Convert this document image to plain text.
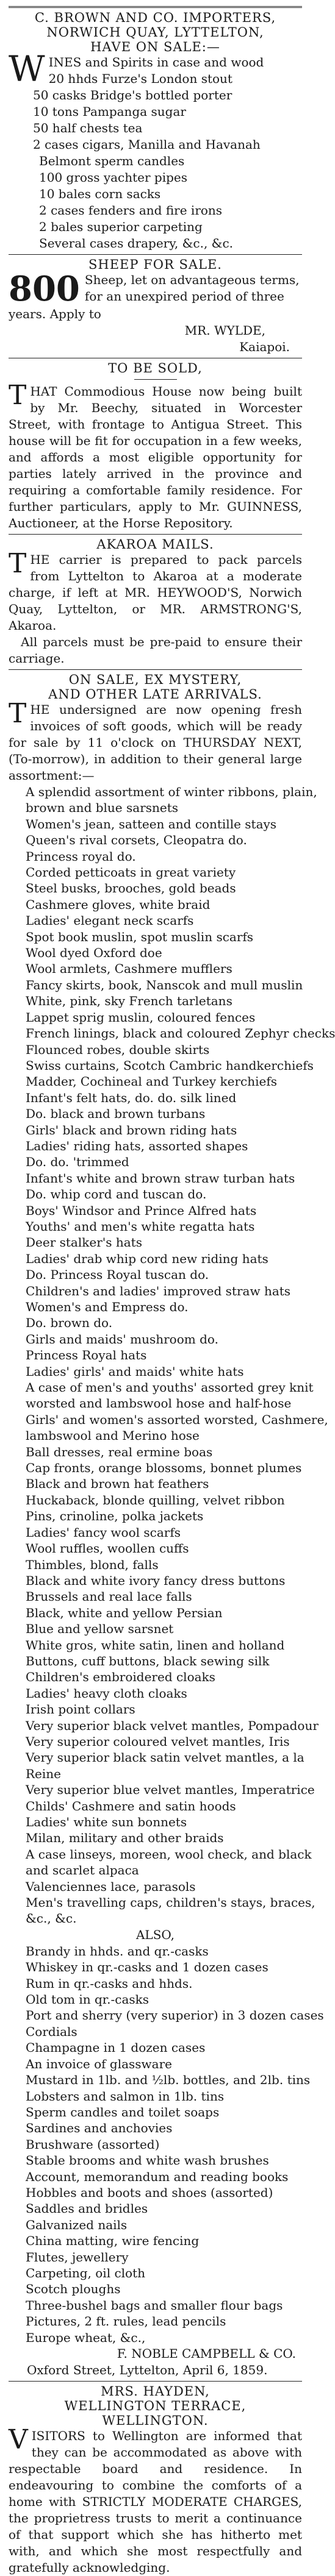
C. BROWN AND CO. IMPORTERS,
NORWICH QUAY, LYTTELTON,
HAVE ON SALE:—
W INES and Spirits in case and wood
20 hhds Furze's London stout
50 casks Bridge's bottled porter
10 tons Pampanga sugar
50 half chests tea
2 cases cigars, Manilla and Havanah
Belmont sperm candles
100 gross yachter pipes
10 bales corn sacks
2 cases fenders and fire irons
2 bales superior carpeting
Several cases drapery, &c., &c.
SHEEP FOR SALE.
800 Sheep, let on advantageous terms,
for an unexpired period of three
years. Apply to
MR. WYLDE,
Kaiapoi.
TO BE SOLD,
T HAT Commodious House now being built by Mr. Beechy, situated in Worcester Street, with frontage to Antigua Street. This house will be fit for occupation in a few weeks, and affords a most eligible opportunity for parties lately arrived in the province and requiring a comfortable family residence. For further particulars, apply to Mr. GUINNESS, Auctioneer, at the Horse Repository.
AKAROA MAILS.
T HE carrier is prepared to pack parcels from Lyttelton to Akaroa at a moderate charge, if left at MR. HEYWOOD'S, Norwich Quay, Lyttelton, or MR. ARMSTRONG'S, Akaroa.
All parcels must be pre-paid to ensure their carriage.
ON SALE, EX MYSTERY,
AND OTHER LATE ARRIVALS.
T HE undersigned are now opening fresh invoices of soft goods, which will be ready for sale by 11 o'clock on THURSDAY NEXT, (To-morrow), in addition to their general large assortment:—
A splendid assortment of winter ribbons, plain,
brown and blue sarsnets
Women's jean, satteen and contille stays
Queen's rival corsets, Cleopatra do.
Princess royal do.
Corded petticoats in great variety
Steel busks, brooches, gold beads
Cashmere gloves, white braid
Ladies' elegant neck scarfs
Spot book muslin, spot muslin scarfs
Wool dyed Oxford doe
Wool armlets, Cashmere mufflers
Fancy skirts, book, Nanscok and mull muslin
White, pink, sky French tarletans
Lappet sprig muslin, coloured fences
French linings, black and coloured Zephyr checks
Flounced robes, double skirts
Swiss curtains, Scotch Cambric handkerchiefs
Madder, Cochineal and Turkey kerchiefs
Infant's felt hats, do. do. silk lined
Do. black and brown turbans
Girls' black and brown riding hats
Ladies' riding hats, assorted shapes
Do. do. 'trimmed
Infant's white and brown straw turban hats
Do. whip cord and tuscan do.
Boys' Windsor and Prince Alfred hats
Youths' and men's white regatta hats
Deer stalker's hats
Ladies' drab whip cord new riding hats
Do. Princess Royal tuscan do.
Children's and ladies' improved straw hats
Women's and Empress do.
Do. brown do.
Girls and maids' mushroom do.
Princess Royal hats
Ladies' girls' and maids' white hats
A case of men's and youths' assorted grey knit
worsted and lambswool hose and half-hose
Girls' and women's assorted worsted, Cashmere,
lambswool and Merino hose
Ball dresses, real ermine boas
Cap fronts, orange blossoms, bonnet plumes
Black and brown hat feathers
Huckaback, blonde quilling, velvet ribbon
Pins, crinoline, polka jackets
Ladies' fancy wool scarfs
Wool ruffles, woollen cuffs
Thimbles, blond, falls
Black and white ivory fancy dress buttons
Brussels and real lace falls
Black, white and yellow Persian
Blue and yellow sarsnet
White gros, white satin, linen and holland
Buttons, cuff buttons, black sewing silk
Children's embroidered cloaks
Ladies' heavy cloth cloaks
Irish point collars
Very superior black velvet mantles, Pompadour
Very superior coloured velvet mantles, Iris
Very superior black satin velvet mantles, a la
Reine
Very superior blue velvet mantles, Imperatrice
Childs' Cashmere and satin hoods
Ladies' white sun bonnets
Milan, military and other braids
A case linseys, moreen, wool check, and black
and scarlet alpaca
Valenciennes lace, parasols
Men's travelling caps, children's stays, braces,
&c., &c.
ALSO,
Brandy in hhds. and qr.-casks
Whiskey in qr.-casks and 1 dozen cases
Rum in qr.-casks and hhds.
Old tom in qr.-casks
Port and sherry (very superior) in 3 dozen cases
Cordials
Champagne in 1 dozen cases
An invoice of glassware
Mustard in 1lb. and ½lb. bottles, and 2lb. tins
Lobsters and salmon in 1lb. tins
Sperm candles and toilet soaps
Sardines and anchovies
Brushware (assorted)
Stable brooms and white wash brushes
Account, memorandum and reading books
Hobbles and boots and shoes (assorted)
Saddles and bridles
Galvanized nails
China matting, wire fencing
Flutes, jewellery
Carpeting, oil cloth
Scotch ploughs
Three-bushel bags and smaller flour bags
Pictures, 2 ft. rules, lead pencils
Europe wheat, &c.,
F. NOBLE CAMPBELL & CO.
Oxford Street, Lyttelton, April 6, 1859.
MRS. HAYDEN,
WELLINGTON TERRACE,
WELLINGTON.
V ISITORS to Wellington are informed that they can be accommodated as above with respectable board and residence. In endeavouring to combine the comforts of a home with STRICTLY MODERATE CHARGES, the proprietress trusts to merit a continuance of that support which she has hitherto met with, and which she most respectfully and gratefully acknowledging.
